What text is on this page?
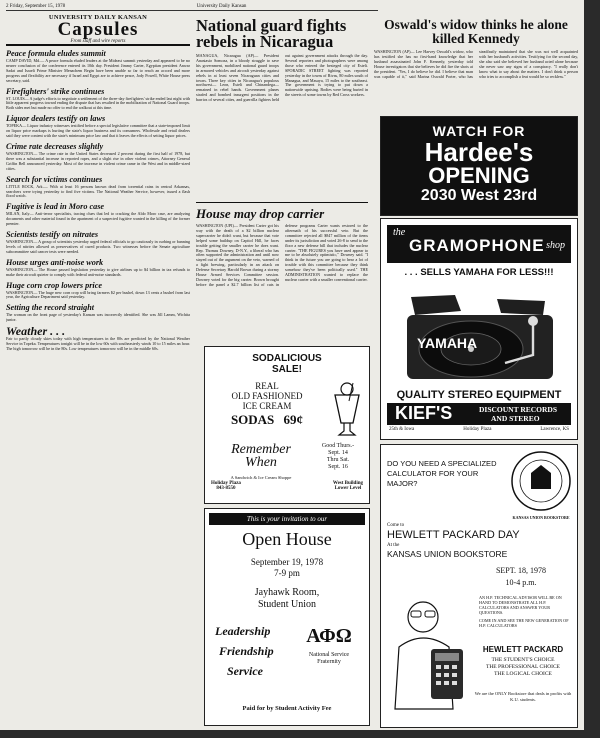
2 Friday, September 15, 1978	University Daily Kansan
UNIVERSITY DAILY KANSAN
Capsules
From staff and wire reports
Peace formula eludes summit

CAMP DAVID, Md.— A peace formula eluded leaders at the Mideast summit yesterday and appeared to be no nearer conclusion of the conference entered its 10th day. President Jimmy Carter, Egyptian president Anwar Sadat and Israeli Prime Minister Menachem Begin have been unable so far to reach an accord and more progress and flexibility are necessary if Israel and Egypt are to achieve peace, Jody Powell, White House press secretary, said.

Firefighters' strike continues

ST. LOUIS— A judge's efforts to negotiate a settlement of the three-day firefighters' strike ended last night with little apparent progress toward ending the dispute that has resulted in the mobilization of National Guard troops. Both sides met but made no offer to end the walkout at this time.

Liquor dealers testify on laws

TOPEKA— Liquor industry witnesses testified before a special legislative committee that a state-imposed limit on liquor price markups is hurting the state's liquor business and its consumers. Wholesale and retail dealers said they were content with the state's minimum price law and that it leaves the effects of setting liquor prices.

Crime rate decreases slightly

WASHINGTON— The crime rate in the United States decreased 2 percent during the first half of 1978, but there was a substantial increase in reported rapes, and a slight rise in other violent crimes, Attorney General Griffin Bell announced yesterday. Most of the increase in violent crime came in the West and in middle-sized cities.

Search for victims continues

LITTLE ROCK, Ark.— With at least 16 persons known dead from torrential rains in central Arkansas, searchers were trying yesterday to find five victims. The National Weather Service, however, issued a flash flood watch.

Fugitive is lead in Moro case

MILAN, Italy— Anti-terror specialists, tracing clues that led to cracking the Aldo Moro case, are analyzing documents and other material found in the apartment of a suspected fugitive wanted in the killing of the former premier.

Scientists testify on nitrates

WASHINGTON— A group of scientists yesterday urged federal officials to go cautiously in curbing or banning levels of nitrites allowed as preservatives of cured products. Two witnesses before the Senate agriculture subcommittee said cancer tests were needed.

House urges anti-noise work

WASHINGTON— The House passed legislation yesterday to give airlines up to $4 billion in tax refunds to make their aircraft quieter to comply with federal anti-noise standards.

Huge corn crop lowers price

WASHINGTON— The huge new corn crop will bring farmers $2 per bushel, down 13 cents a bushel from last year, the Agriculture Department said yesterday.

Setting the record straight

The woman on the front page of yesterday's Kansan was incorrectly identified. She was Jill Lamm, Wichita junior.

Weather . . .

Fair to partly cloudy skies today with high temperatures in the 80s are predicted by the National Weather Service in Topeka. Temperatures tonight will be in the low 60s with southeasterly winds 10 to 15 miles an hour. The high tomorrow will be in the 80s. Low temperatures tomorrow will be in the middle 60s.

National guard fights rebels in Nicaragua

MANAGUA, Nicaragua (AP)— President Anastasio Somoza, in a bloody struggle to save his government, mobilized national guard troops in armored vehicles and aircraft yesterday against rebels in at least seven Nicaraguan cities and towns. Three key cities in Nicaragua's populous northwest— Leon, Esteli and Chinandega— remained in rebel hands. Government planes strafed and bombed insurgent positions in the barrios of several cities, and guerrilla fighters held out against government attacks through the day. Several reporters and photographers were among those who entered the besieged city of Esteli. SPORADIC STREET fighting was reported yesterday in the towns of Rivas, 80 miles south of Managua, and Masaya, 15 miles to the southeast. The government is trying to put down a nationwide uprising. Bodies were being buried in the streets of some towns by Red Cross workers.

House may drop carrier

WASHINGTON (UPI)— President Carter got his way with the death of a $2 billion nuclear supercarrier he didn't want, but because that vote helped some buildup on Capitol Hill, he faces trouble getting the smaller carrier he does want. Rep. Thomas Downey, D-N.Y., a liberal who has often supported the administration and until now stayed out of the argument on the veto, warned of a fight brewing, particularly in an attack on Defense Secretary Harold Brown during a stormy House Armed Services Committee session. Downey voted for the big carrier. Brown brought before the panel a $2.7 billion list of cuts in defense programs Carter wants restored to the aftermath of his successful veto. But the committee rejected all $847 million of the items under its jurisdiction and voted 26-8 to send to the floor a new defense bill that includes the nuclear carrier. "THE FIGURES you have used appear to me to be absolutely optimistic," Downey said. "I think in the future you are going to hear a lot of trouble with this committee because they think somehow they've been politically used." THE ADMINISTRATION wanted to replace the nuclear carrier with a smaller conventional carrier.

Oswald's widow thinks he alone killed Kennedy

WASHINGTON (AP)— Lee Harvey Oswald's widow, who has testified she has no first-hand knowledge that her husband assassinated John F. Kennedy, yesterday told House investigators that she believes he did fire the shots at the president. "Yes, I do believe he did. I believe that man was capable of it," said Marina Oswald Porter, who has steadfastly maintained that she was not well acquainted with her husband's activities. Testifying for the second day, she also said she believed her husband acted alone because she never saw any signs of a conspiracy. "I really don't know what to say about the matters. I don't think a person who tries to accomplish a feat would be so reckless."

WATCH FOR
Hardee's
OPENING
2030 West 23rd
the
GRAMOPHONE shop
. . . SELLS YAMAHA FOR LESS!!!
YAMAHA
QUALITY STEREO EQUIPMENT
KIEF'S	DISCOUNT RECORDS
AND STEREO
25th & Iowa	Holiday Plaza	Lawrence, KS
SODALICIOUS
SALE!
REAL
OLD FASHIONED
ICE CREAM
SODAS 69¢
Remember
When
A Sandwich & Ice Cream Shoppe
Good Thurs.-
Sept. 14
Thru Sat.
Sept. 16
Holiday Plaza
843-8550
West Building
Lower Level
This is your invitation to our
Open House
September 19, 1978
7-9 pm
Jayhawk Room,
Student Union
Leadership
Friendship
Service
ΑΦΩ
National Service
Fraternity
Paid for by Student Activity Fee
KANSAS UNION BOOKSTORE
DO YOU NEED A SPECIALIZED CALCULATOR FOR YOUR MAJOR?
Come to
HEWLETT PACKARD DAY
At the
KANSAS UNION BOOKSTORE
SEPT. 18, 1978
10-4 p.m.
AN H.P. TECHNICAL ADVISOR WILL BE ON HAND TO DEMONSTRATE ALL H.P. CALCULATORS AND ANSWER YOUR QUESTIONS.
COME IN AND SEE THE NEW GENERATION OF H.P. CALCULATORS
HEWLETT PACKARD
THE STUDENT'S CHOICE
THE PROFESSIONAL CHOICE
THE LOGICAL CHOICE
We are the ONLY Bookstore that deals in profits with K.U. students.
